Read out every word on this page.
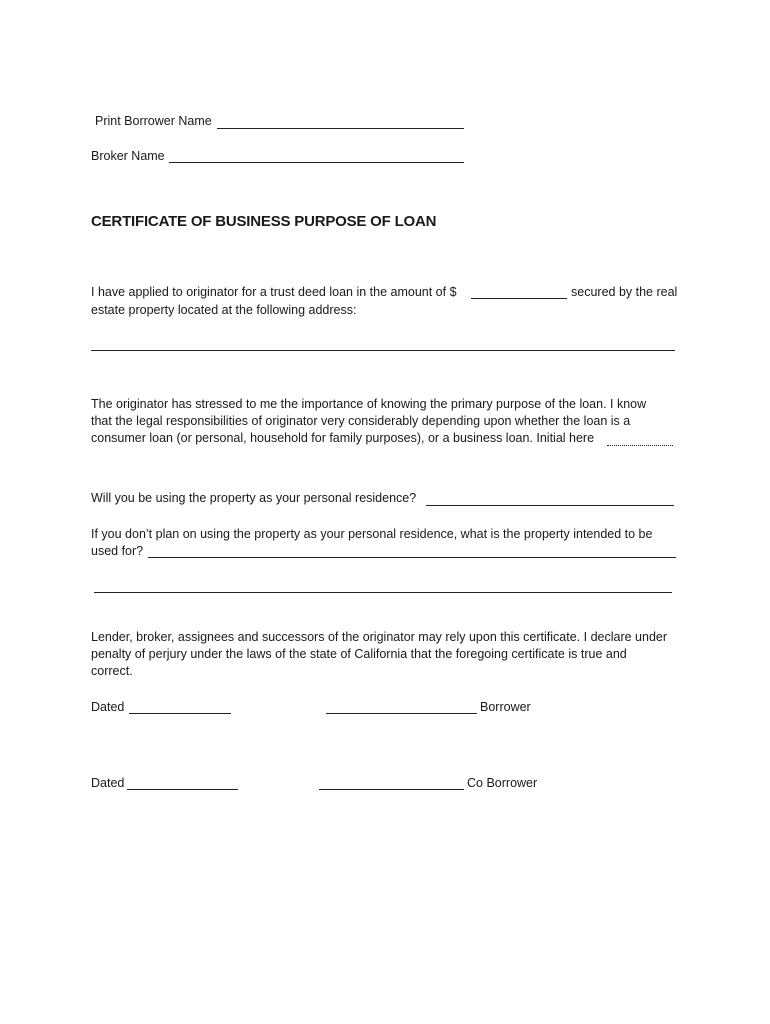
Print Borrower Name
Broker Name
CERTIFICATE OF BUSINESS PURPOSE OF LOAN
I have applied to originator for a trust deed loan in the amount of $	secured by the real
estate property located at the following address:
The originator has stressed to me the importance of knowing the primary purpose of the loan. I know
that the legal responsibilities of originator very considerably depending upon whether the loan is a
consumer loan (or personal, household for family purposes), or a business loan. Initial here
Will you be using the property as your personal residence?
If you don’t plan on using the property as your personal residence, what is the property intended to be
used for?
Lender, broker, assignees and successors of the originator may rely upon this certificate. I declare under
penalty of perjury under the laws of the state of California that the foregoing certificate is true and
correct.
Dated	Borrower
Dated	Co Borrower
